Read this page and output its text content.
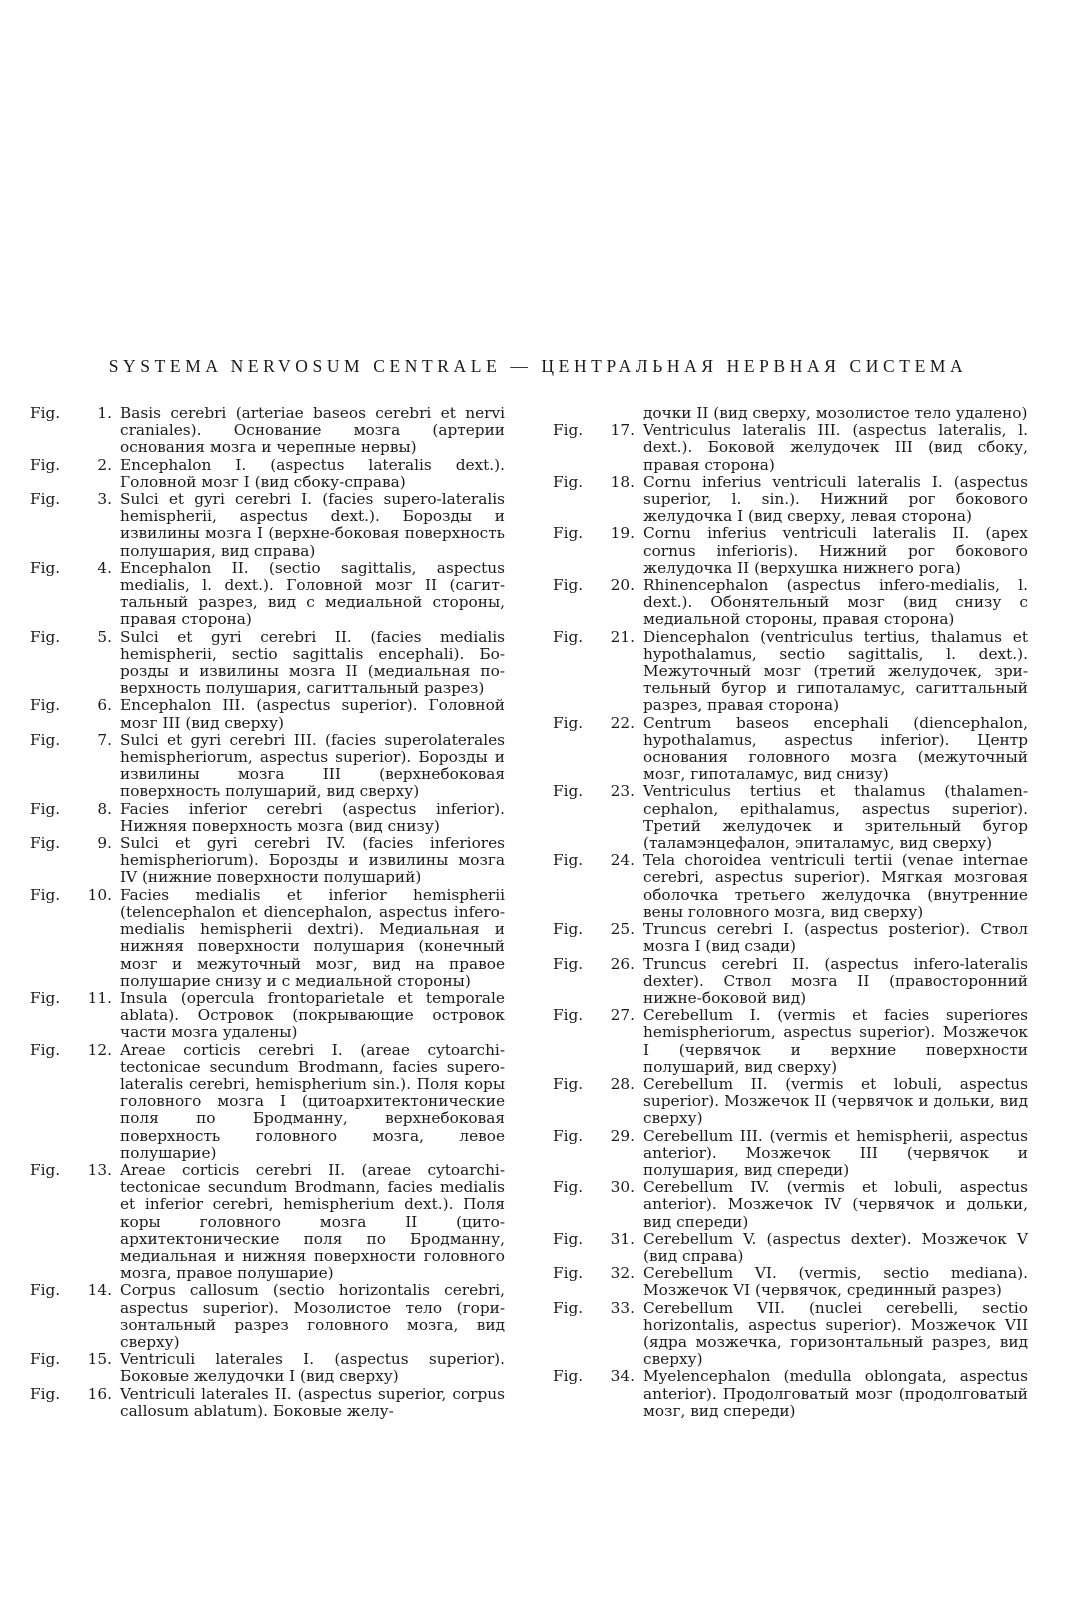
SYSTEMA NERVOSUM CENTRALE — ЦЕНТРАЛЬНАЯ НЕРВНАЯ СИСТЕМА
Fig.	1. Basis cerebri (arteriae baseos cerebri et nervi craniales). Основание мозга (артерии основания мозга и черепные нервы)
Fig.	2. Encephalon I. (aspectus lateralis dext.). Головной мозг I (вид сбоку-справа)
Fig.	3. Sulci et gyri cerebri I. (facies supero-lateralis hemispherii, aspectus dext.). Борозды и извилины мозга I (верхне-боковая поверхность полушария, вид справа)
Fig.	4. Encephalon II. (sectio sagittalis, aspectus medialis, l. dext.). Головной мозг II (сагиттальный разрез, вид с медиальной стороны, правая сторона)
Fig.	5. Sulci et gyri cerebri II. (facies medialis hemispherii, sectio sagittalis encephali). Борозды и извилины мозга II (медиальная поверхность полушария, сагиттальный разрез)
Fig.	6. Encephalon III. (aspectus superior). Головной мозг III (вид сверху)
Fig.	7. Sulci et gyri cerebri III. (facies superolaterales hemispheriorum, aspectus superior). Борозды и извилины мозга III (верхнебоковая поверхность полушарий, вид сверху)
Fig.	8. Facies inferior cerebri (aspectus inferior). Нижняя поверхность мозга (вид снизу)
Fig.	9. Sulci et gyri cerebri IV. (facies inferiores hemispheriorum). Борозды и извилины мозга IV (нижние поверхности полушарий)
Fig.	10. Facies medialis et inferior hemispherii (telencephalon et diencephalon, aspectus infero-medialis hemispherii dextri). Медиальная и нижняя поверхности полушария (конечный мозг и межуточный мозг, вид на правое полушарие снизу и с медиальной стороны)
Fig.	11. Insula (opercula frontoparietale et temporale ablata). Островок (покрывающие островок части мозга удалены)
Fig.	12. Areae corticis cerebri I. (areae cytoarchitectonicae secundum Brodmann, facies supero-lateralis cerebri, hemispherium sin.). Поля коры головного мозга I (цитоархитектонические поля по Бродманну, верхнебоковая поверхность головного мозга, левое полушарие)
Fig.	13. Areae corticis cerebri II. (areae cytoarchitectonicae secundum Brodmann, facies medialis et inferior cerebri, hemispherium dext.). Поля коры головного мозга II (цитоархитектонические поля по Бродманну, медиальная и нижняя поверхности головного мозга, правое полушарие)
Fig.	14. Corpus callosum (sectio horizontalis cerebri, aspectus superior). Мозолистое тело (горизонтальный разрез головного мозга, вид сверху)
Fig.	15. Ventriculi laterales I. (aspectus superior). Боковые желудочки I (вид сверху)
Fig.	16. Ventriculi laterales II. (aspectus superior, corpus callosum ablatum). Боковые желу-
дочки II (вид сверху, мозолистое тело удалено)
Fig.	17. Ventriculus lateralis III. (aspectus lateralis, l. dext.). Боковой желудочек III (вид сбоку, правая сторона)
Fig.	18. Cornu inferius ventriculi lateralis I. (aspectus superior, l. sin.). Нижний рог бокового желудочка I (вид сверху, левая сторона)
Fig.	19. Cornu inferius ventriculi lateralis II. (apex cornus inferioris). Нижний рог бокового желудочка II (верхушка нижнего рога)
Fig.	20. Rhinencephalon (aspectus infero-medialis, l. dext.). Обонятельный мозг (вид снизу с медиальной стороны, правая сторона)
Fig.	21. Diencephalon (ventriculus tertius, thalamus et hypothalamus, sectio sagittalis, l. dext.). Межуточный мозг (третий желудочек, зрительный бугор и гипоталамус, сагиттальный разрез, правая сторона)
Fig.	22. Centrum baseos encephali (diencephalon, hypothalamus, aspectus inferior). Центр основания головного мозга (межуточный мозг, гипоталамус, вид снизу)
Fig.	23. Ventriculus tertius et thalamus (thalamencephalon, epithalamus, aspectus superior). Третий желудочек и зрительный бугор (таламэнцефалон, эпиталамус, вид сверху)
Fig.	24. Tela choroidea ventriculi tertii (venae internae cerebri, aspectus superior). Мягкая мозговая оболочка третьего желудочка (внутренние вены головного мозга, вид сверху)
Fig.	25. Truncus cerebri I. (aspectus posterior). Ствол мозга I (вид сзади)
Fig.	26. Truncus cerebri II. (aspectus infero-lateralis dexter). Ствол мозга II (правосторонний нижне-боковой вид)
Fig.	27. Cerebellum I. (vermis et facies superiores hemispheriorum, aspectus superior). Мозжечок I (червячок и верхние поверхности полушарий, вид сверху)
Fig.	28. Cerebellum II. (vermis et lobuli, aspectus superior). Мозжечок II (червячок и дольки, вид сверху)
Fig.	29. Cerebellum III. (vermis et hemispherii, aspectus anterior). Мозжечок III (червячок и полушария, вид спереди)
Fig.	30. Cerebellum IV. (vermis et lobuli, aspectus anterior). Мозжечок IV (червячок и дольки, вид спереди)
Fig.	31. Cerebellum V. (aspectus dexter). Мозжечок V (вид справа)
Fig.	32. Cerebellum VI. (vermis, sectio mediana). Мозжечок VI (червячок, срединный разрез)
Fig.	33. Cerebellum VII. (nuclei cerebelli, sectio horizontalis, aspectus superior). Мозжечок VII (ядра мозжечка, горизонтальный разрез, вид сверху)
Fig.	34. Myelencephalon (medulla oblongata, aspectus anterior). Продолговатый мозг (продолговатый мозг, вид спереди)
